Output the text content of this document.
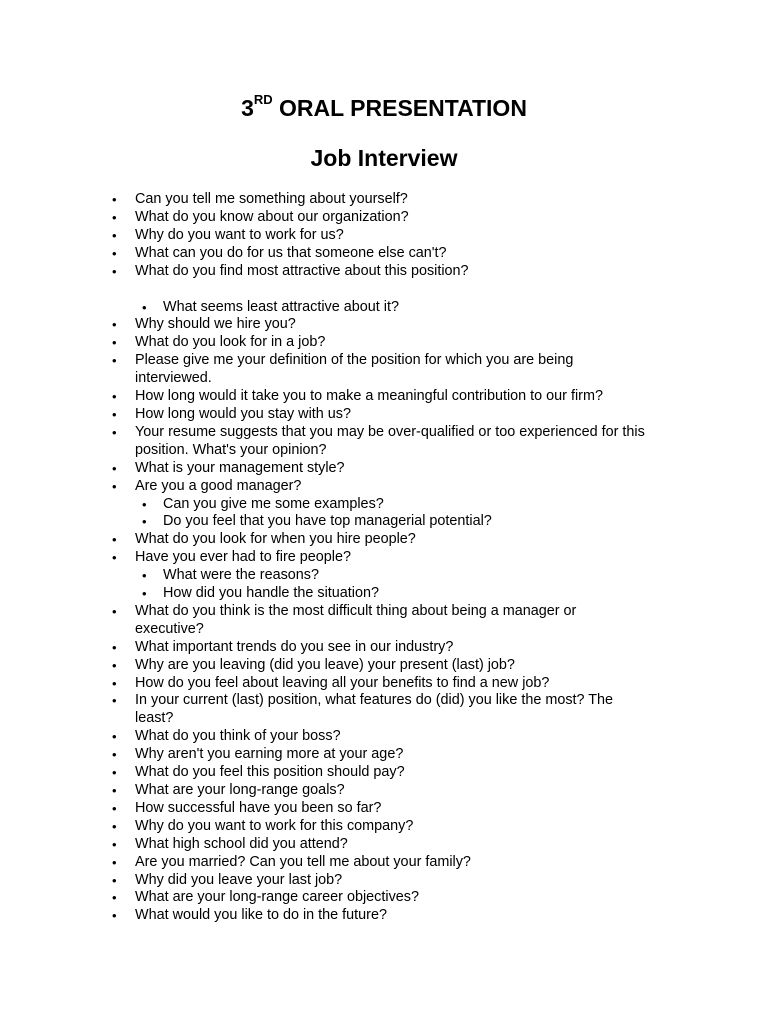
3RD ORAL PRESENTATION
Job Interview
• Can you tell me something about yourself?
• What do you know about our organization?
• Why do you want to work for us?
• What can you do for us that someone else can't?
• What do you find most attractive about this position?
• What seems least attractive about it?
• Why should we hire you?
• What do you look for in a job?
• Please give me your definition of the position for which you are being interviewed.
• How long would it take you to make a meaningful contribution to our firm?
• How long would you stay with us?
• Your resume suggests that you may be over-qualified or too experienced for this position. What's your opinion?
• What is your management style?
• Are you a good manager?
• Can you give me some examples?
• Do you feel that you have top managerial potential?
• What do you look for when you hire people?
• Have you ever had to fire people?
• What were the reasons?
• How did you handle the situation?
• What do you think is the most difficult thing about being a manager or executive?
• What important trends do you see in our industry?
• Why are you leaving (did you leave) your present (last) job?
• How do you feel about leaving all your benefits to find a new job?
• In your current (last) position, what features do (did) you like the most? The least?
• What do you think of your boss?
• Why aren't you earning more at your age?
• What do you feel this position should pay?
• What are your long-range goals?
• How successful have you been so far?
• Why do you want to work for this company?
• What high school did you attend?
• Are you married? Can you tell me about your family?
• Why did you leave your last job?
• What are your long-range career objectives?
• What would you like to do in the future?
